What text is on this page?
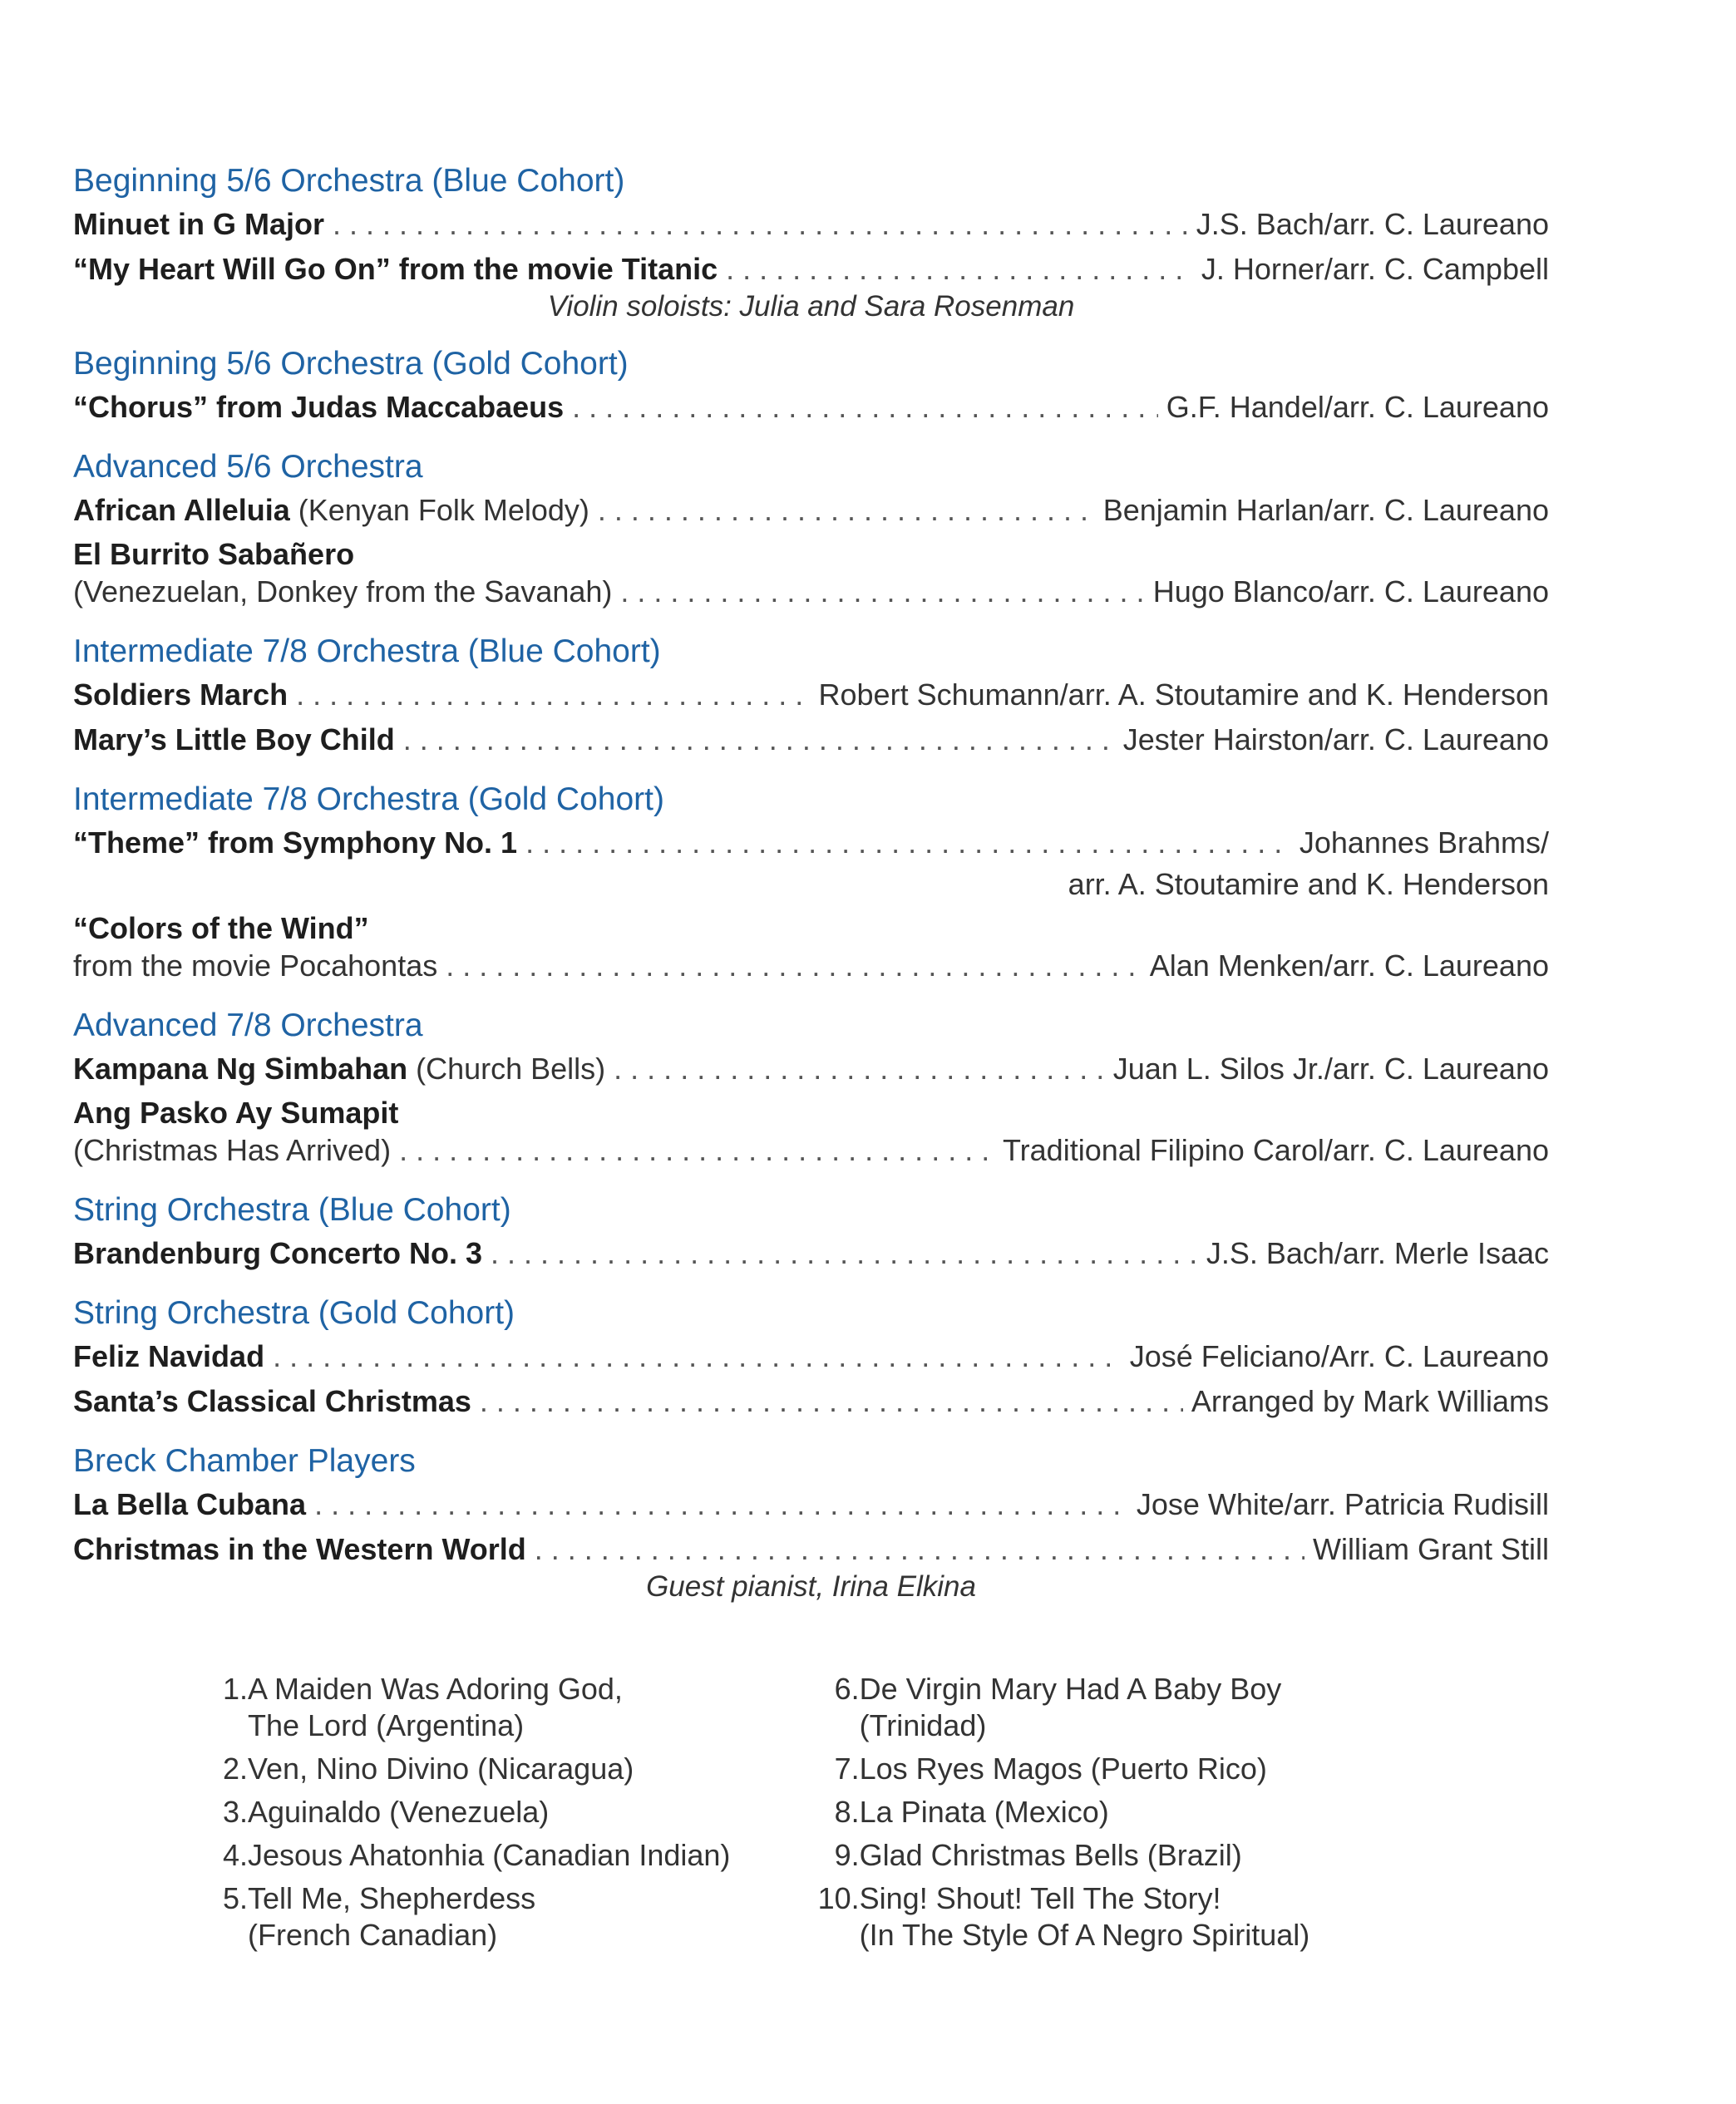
Beginning 5/6 Orchestra (Blue Cohort)
Minuet in G Major . . .	J.S. Bach/arr. C. Laureano
“My Heart Will Go On” from the movie Titanic . . .	J. Horner/arr. C. Campbell
Violin soloists: Julia and Sara Rosenman
Beginning 5/6 Orchestra (Gold Cohort)
“Chorus” from Judas Maccabaeus . . .	G.F. Handel/arr. C. Laureano
Advanced 5/6 Orchestra
African Alleluia (Kenyan Folk Melody) . . .	Benjamin Harlan/arr. C. Laureano
El Burrito Sabañero
(Venezuelan, Donkey from the Savanah) . . .	Hugo Blanco/arr. C. Laureano
Intermediate 7/8 Orchestra (Blue Cohort)
Soldiers March . . .	Robert Schumann/arr. A. Stoutamire and K. Henderson
Mary’s Little Boy Child . . .	Jester Hairston/arr. C. Laureano
Intermediate 7/8 Orchestra (Gold Cohort)
“Theme” from Symphony No. 1 . . .	Johannes Brahms/
arr. A. Stoutamire and K. Henderson
“Colors of the Wind”
from the movie Pocahontas . . .	Alan Menken/arr. C. Laureano
Advanced 7/8 Orchestra
Kampana Ng Simbahan (Church Bells) . . .	Juan L. Silos Jr./arr. C. Laureano
Ang Pasko Ay Sumapit
(Christmas Has Arrived) . . .	Traditional Filipino Carol/arr. C. Laureano
String Orchestra (Blue Cohort)
Brandenburg Concerto No. 3 . . .	J.S. Bach/arr. Merle Isaac
String Orchestra (Gold Cohort)
Feliz Navidad . . .	José Feliciano/Arr. C. Laureano
Santa’s Classical Christmas . . .	Arranged by Mark Williams
Breck Chamber Players
La Bella Cubana . . .	Jose White/arr. Patricia Rudisill
Christmas in the Western World . . .	William Grant Still
Guest pianist, Irina Elkina
1. A Maiden Was Adoring God,
The Lord (Argentina)
2. Ven, Nino Divino (Nicaragua)
3. Aguinaldo (Venezuela)
4. Jesous Ahatonhia (Canadian Indian)
5. Tell Me, Shepherdess
(French Canadian)
6. De Virgin Mary Had A Baby Boy
(Trinidad)
7. Los Ryes Magos (Puerto Rico)
8. La Pinata (Mexico)
9. Glad Christmas Bells (Brazil)
10. Sing! Shout! Tell The Story!
(In The Style Of A Negro Spiritual)
